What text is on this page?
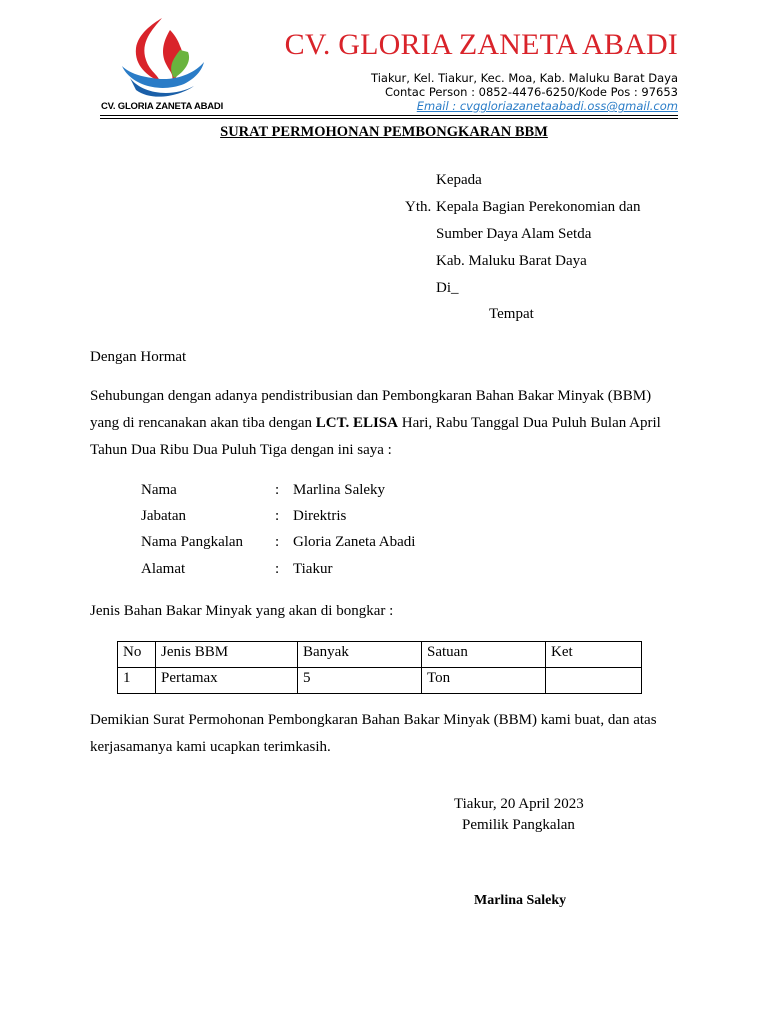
CV. GLORIA ZANETA ABADI
CV. GLORIA ZANETA ABADI
Tiakur, Kel. Tiakur, Kec. Moa, Kab. Maluku Barat Daya
Contac Person : 0852-4476-6250/Kode Pos : 97653
Email : cvggloriazanetaabadi.oss@gmail.com
SURAT PERMOHONAN PEMBONGKARAN BBM
Kepada
Yth. Kepala Bagian Perekonomian dan
Sumber Daya Alam Setda
Kab. Maluku Barat Daya
Di_
Tempat
Dengan Hormat
Sehubungan dengan adanya pendistribusian dan Pembongkaran Bahan Bakar Minyak (BBM)
yang di rencanakan akan tiba dengan LCT. ELISA Hari, Rabu Tanggal Dua Puluh Bulan April
Tahun Dua Ribu Dua Puluh Tiga dengan ini saya :
Nama	: Marlina Saleky
Jabatan	: Direktris
Nama Pangkalan : Gloria Zaneta Abadi
Alamat	: Tiakur
Jenis Bahan Bakar Minyak yang akan di bongkar :
No	Jenis BBM	Banyak	Satuan	Ket
1	Pertamax	5	Ton	
Demikian Surat Permohonan Pembongkaran Bahan Bakar Minyak (BBM) kami buat, dan atas
kerjasamanya kami ucapkan terimkasih.
Tiakur, 20 April 2023
Pemilik Pangkalan
Marlina Saleky
